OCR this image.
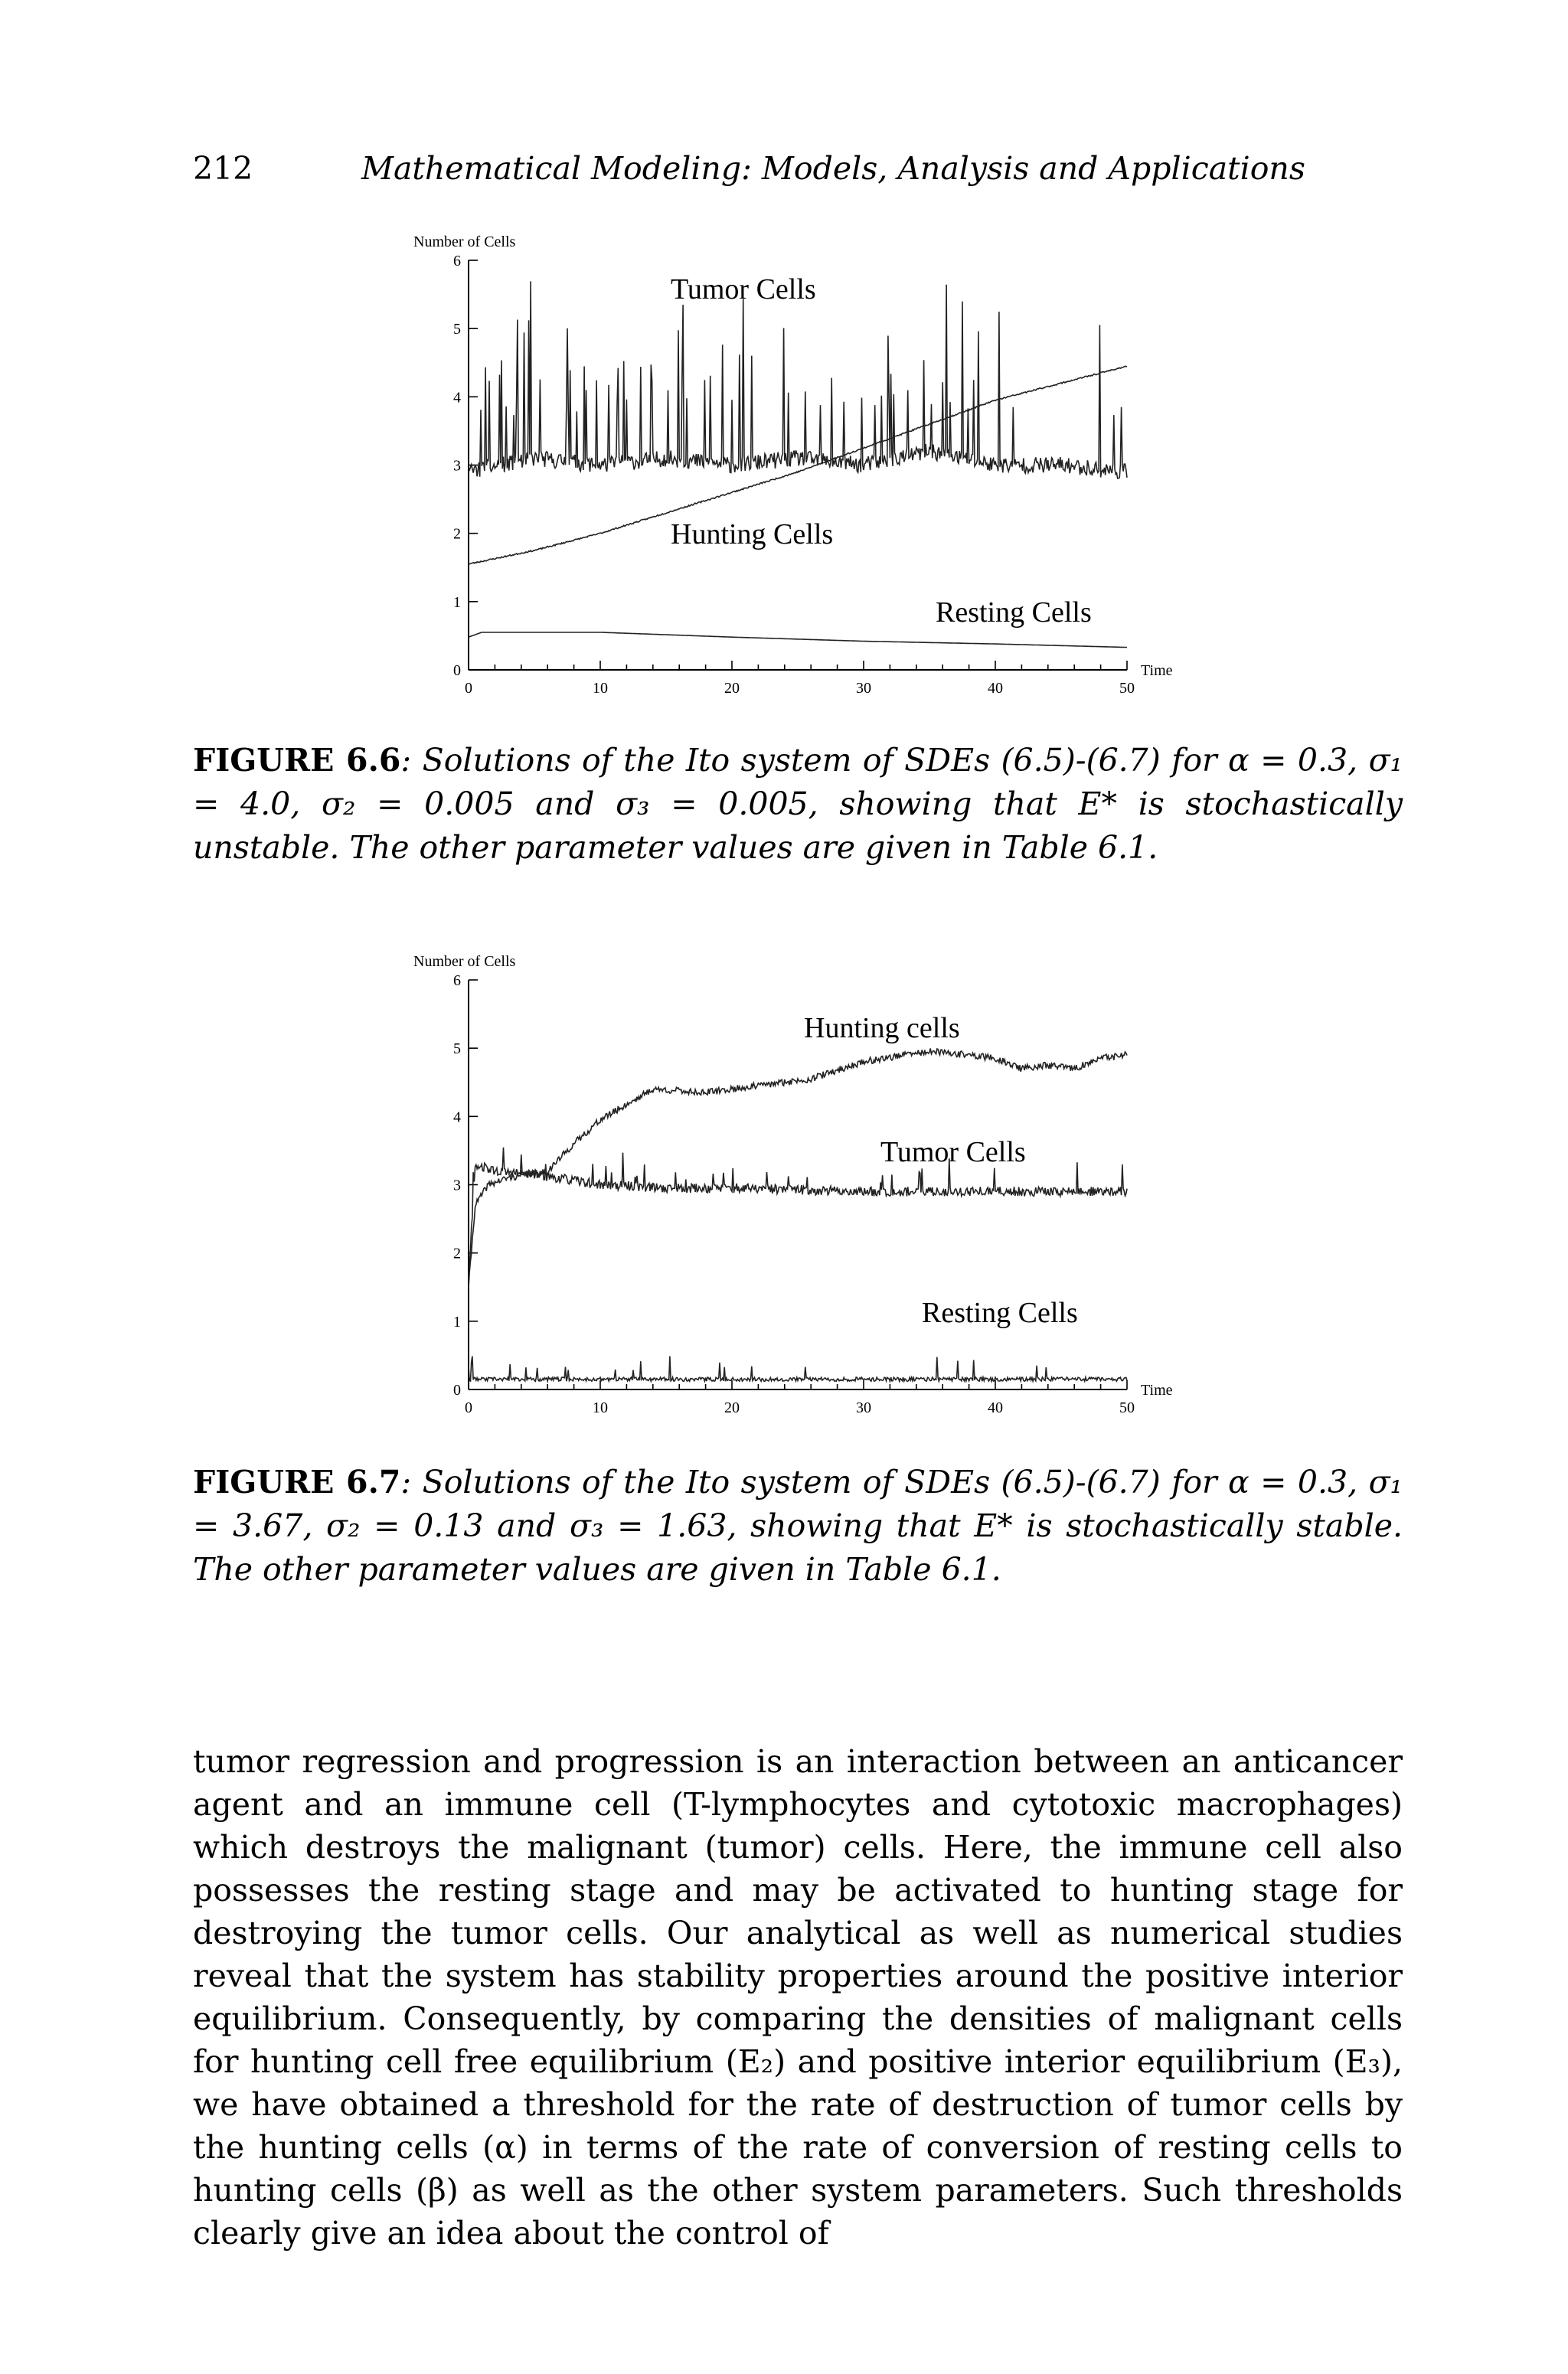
212	Mathematical Modeling: Models, Analysis and Applications
Number of Cells
0	10	20	30	40	50
0
1
2
3
4
5
6
Time
Tumor Cells
Hunting Cells
Resting Cells
FIGURE 6.6: Solutions of the Ito system of SDEs (6.5)-(6.7) for α = 0.3, σ₁ = 4.0, σ₂ = 0.005 and σ₃ = 0.005, showing that E* is stochastically unstable. The other parameter values are given in Table 6.1.
Number of Cells
0	10	20	30	40	50
0
1
2
3
4
5
6
Time
Hunting cells
Tumor Cells
Resting Cells
FIGURE 6.7: Solutions of the Ito system of SDEs (6.5)-(6.7) for α = 0.3, σ₁ = 3.67, σ₂ = 0.13 and σ₃ = 1.63, showing that E* is stochastically stable. The other parameter values are given in Table 6.1.

tumor regression and progression is an interaction between an anticancer agent and an immune cell (T-lymphocytes and cytotoxic macrophages) which destroys the malignant (tumor) cells. Here, the immune cell also possesses the resting stage and may be activated to hunting stage for destroying the tumor cells. Our analytical as well as numerical studies reveal that the system has stability properties around the positive interior equilibrium. Consequently, by comparing the densities of malignant cells for hunting cell free equilibrium (E₂) and positive interior equilibrium (E₃), we have obtained a threshold for the rate of destruction of tumor cells by the hunting cells (α) in terms of the rate of conversion of resting cells to hunting cells (β) as well as the other system parameters. Such thresholds clearly give an idea about the control of
